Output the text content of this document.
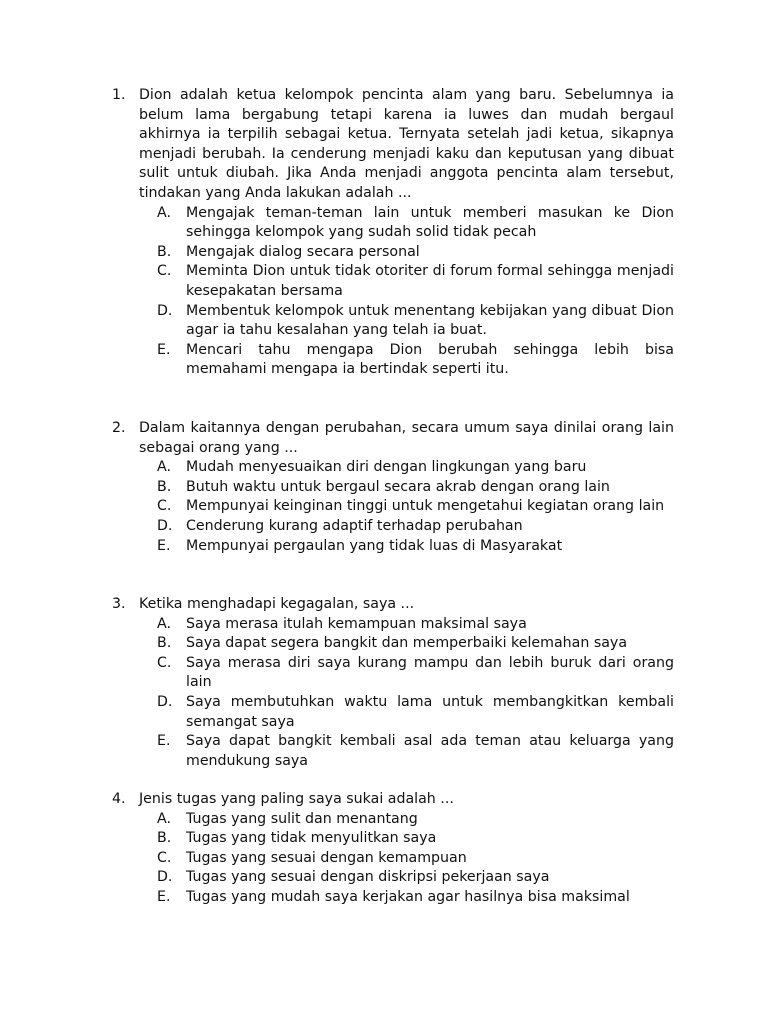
1. Dion adalah ketua kelompok pencinta alam yang baru. Sebelumnya ia belum lama bergabung tetapi karena ia luwes dan mudah bergaul akhirnya ia terpilih sebagai ketua. Ternyata setelah jadi ketua, sikapnya menjadi berubah. Ia cenderung menjadi kaku dan keputusan yang dibuat sulit untuk diubah. Jika Anda menjadi anggota pencinta alam tersebut, tindakan yang Anda lakukan adalah ...
A.	Mengajak teman-teman lain untuk memberi masukan ke Dion sehingga kelompok yang sudah solid tidak pecah
B.	Mengajak dialog secara personal
C.	Meminta Dion untuk tidak otoriter di forum formal sehingga menjadi kesepakatan bersama
D. Membentuk kelompok untuk menentang kebijakan yang dibuat Dion agar ia tahu kesalahan yang telah ia buat.
E.	Mencari tahu mengapa Dion berubah sehingga lebih bisa memahami mengapa ia bertindak seperti itu.
2. Dalam kaitannya dengan perubahan, secara umum saya dinilai orang lain sebagai orang yang ...
A.	Mudah menyesuaikan diri dengan lingkungan yang baru
B.	Butuh waktu untuk bergaul secara akrab dengan orang lain
C.	Mempunyai keinginan tinggi untuk mengetahui kegiatan orang lain
D. Cenderung kurang adaptif terhadap perubahan
E.	Mempunyai pergaulan yang tidak luas di Masyarakat
3. Ketika menghadapi kegagalan, saya ...
A.	Saya merasa itulah kemampuan maksimal saya
B.	Saya dapat segera bangkit dan memperbaiki kelemahan saya
C.	Saya merasa diri saya kurang mampu dan lebih buruk dari orang lain
D. Saya membutuhkan waktu lama untuk membangkitkan kembali semangat saya
E.	Saya dapat bangkit kembali asal ada teman atau keluarga yang mendukung saya
4. Jenis tugas yang paling saya sukai adalah ...
A.	Tugas yang sulit dan menantang
B.	Tugas yang tidak menyulitkan saya
C.	Tugas yang sesuai dengan kemampuan
D. Tugas yang sesuai dengan diskripsi pekerjaan saya
E.	Tugas yang mudah saya kerjakan agar hasilnya bisa maksimal
